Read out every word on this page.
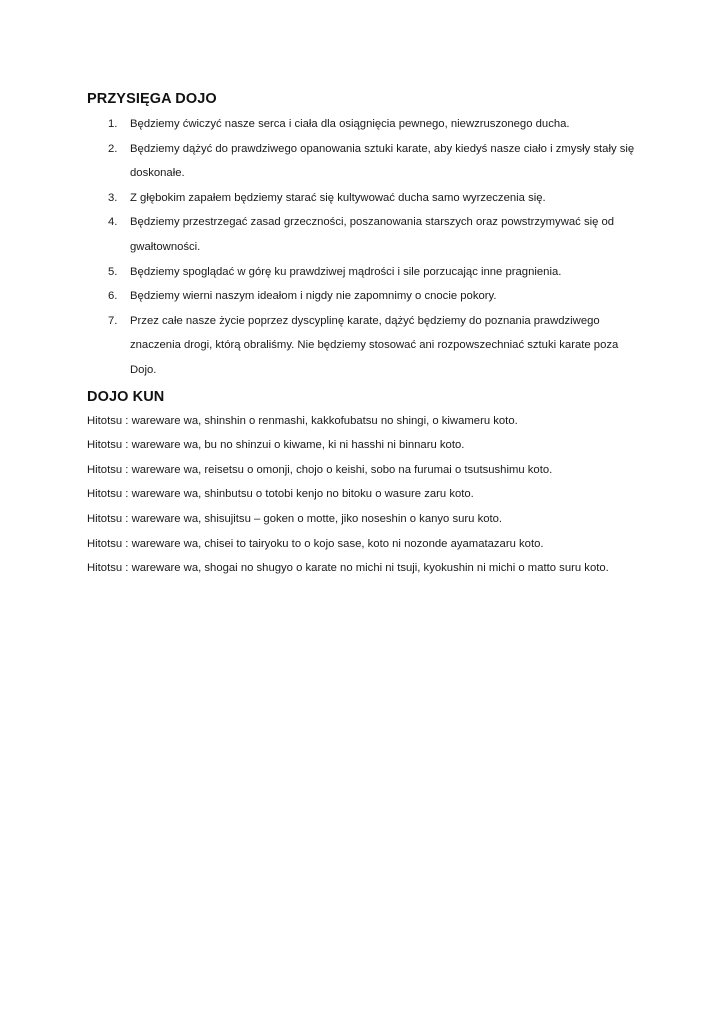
PRZYSIĘGA DOJO
1.	Będziemy ćwiczyć nasze serca i ciała dla osiągnięcia pewnego, niewzruszonego ducha.
2.	Będziemy dążyć do prawdziwego opanowania sztuki karate, aby kiedyś nasze ciało i zmysły stały się doskonałe.
3.	Z głębokim zapałem będziemy starać się kultywować ducha samo wyrzeczenia się.
4.	Będziemy przestrzegać zasad grzeczności, poszanowania starszych oraz powstrzymywać się od gwałtowności.
5.	Będziemy spoglądać w górę ku prawdziwej mądrości i sile porzucając inne pragnienia.
6.	Będziemy wierni naszym ideałom i nigdy nie zapomnimy o cnocie pokory.
7.	Przez całe nasze życie poprzez dyscyplinę karate, dążyć będziemy do poznania prawdziwego znaczenia drogi, którą obraliśmy. Nie będziemy stosować ani rozpowszechniać sztuki karate poza Dojo.
DOJO KUN

Hitotsu : wareware wa, shinshin o renmashi, kakkofubatsu no shingi, o kiwameru koto.

Hitotsu : wareware wa, bu no shinzui o kiwame, ki ni hasshi ni binnaru koto.

Hitotsu : wareware wa, reisetsu o omonji, chojo o keishi, sobo na furumai o tsutsushimu koto.

Hitotsu : wareware wa, shinbutsu o totobi kenjo no bitoku o wasure zaru koto.

Hitotsu : wareware wa, shisujitsu – goken o motte, jiko noseshin o kanyo suru koto.

Hitotsu : wareware wa, chisei to tairyoku to o kojo sase, koto ni nozonde ayamatazaru koto.

Hitotsu : wareware wa, shogai no shugyo o karate no michi ni tsuji, kyokushin ni michi o matto suru koto.
